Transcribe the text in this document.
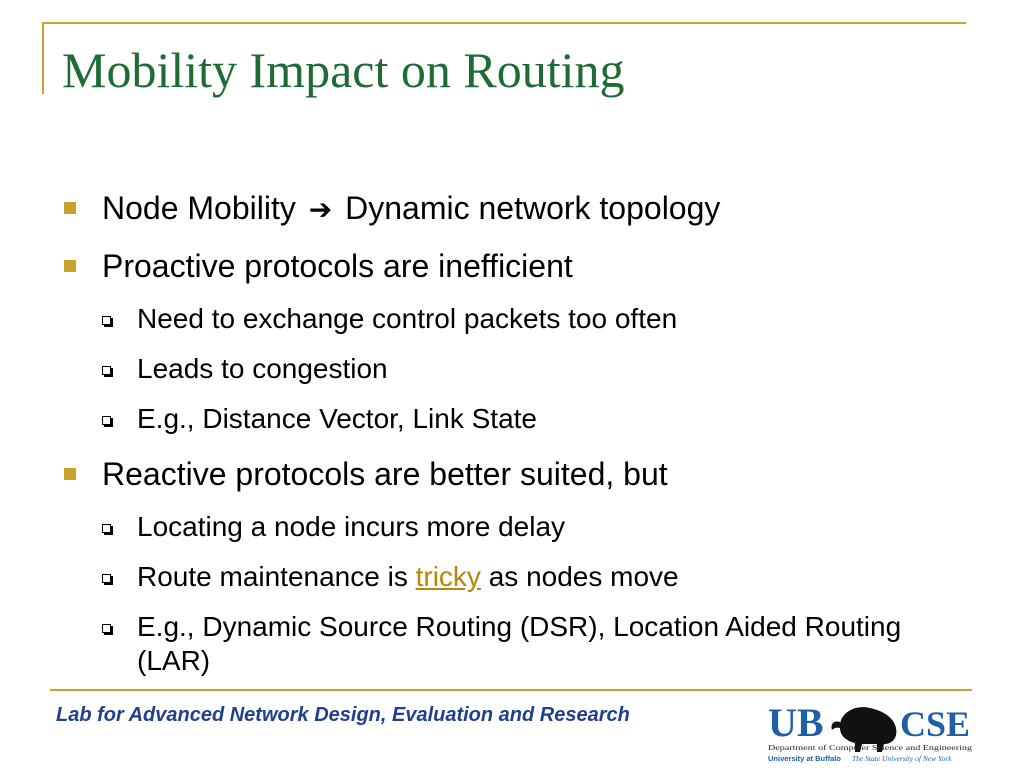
Mobility Impact on Routing
Node Mobility ➔ Dynamic network topology
Proactive protocols are inefficient
Need to exchange control packets too often
Leads to congestion
E.g., Distance Vector, Link State
Reactive protocols are better suited, but
Locating a node incurs more delay
Route maintenance is tricky as nodes move
E.g., Dynamic Source Routing (DSR), Location Aided Routing (LAR)
Lab for Advanced Network Design, Evaluation and Research	UB CSE
Department of Computer Science and Engineering
University at Buffalo The State University of New York
